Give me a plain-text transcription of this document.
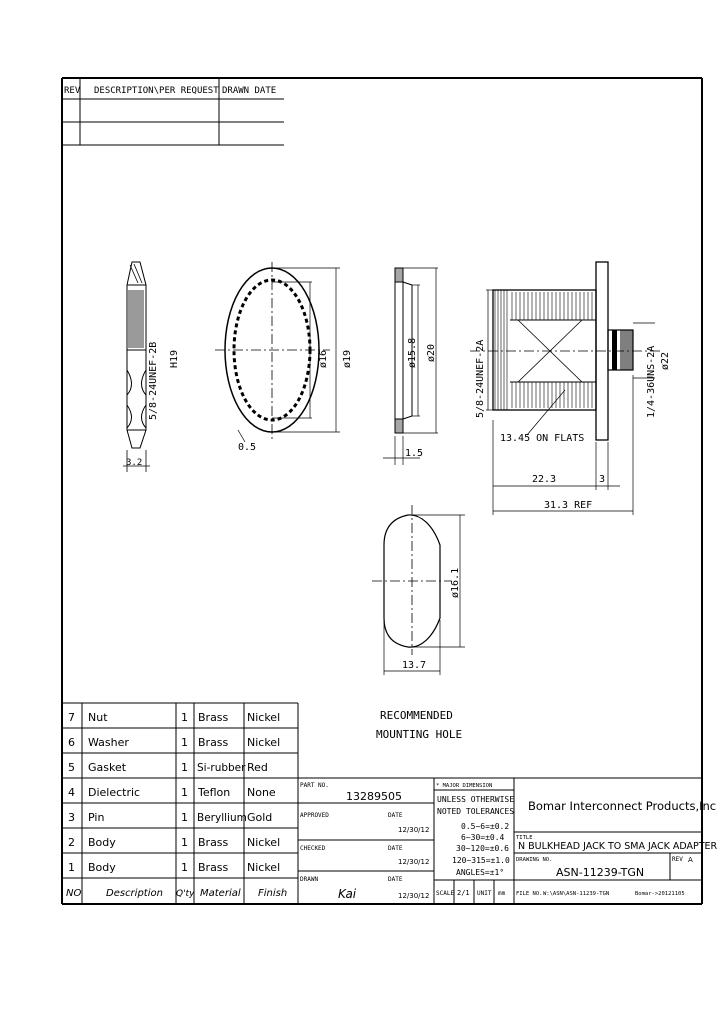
REV DESCRIPTION\PER REQUEST DRAWN DATE
3.2
5/8-24UNEF-2B H19	ø16 ø19
0.5
ø15.8 ø20
1.5
5/8-24UNEF-2A	1/4-36UNS-2A ø22
13.45 ON FLATS
22.3	3
31.3 REF
ø16.1
13.7
RECOMMENDED
MOUNTING HOLE
7 Nut	1 Brass Nickel
6 Washer	1 Brass Nickel
5 Gasket	1 Si-rubber Red
4 Dielectric	1 Teflon None
3 Pin	1 Beryllium Gold
2 Body	1 Brass Nickel
1 Body	1 Brass Nickel
NO Description Q'ty Material Finish
PART NO.
13289505
APPROVED	DATE
12/30/12
CHECKED	DATE
12/30/12
DRAWN	DATE
Kai	12/30/12
* MAJOR DIMENSION
UNLESS OTHERWISE
NOTED TOLERANCES
0.5~6=±0.2
6~30=±0.4
30~120=±0.6
120~315=±1.0
ANGLES=±1°
Bomar Interconnect Products,Inc
TITLE
N BULKHEAD JACK TO SMA JACK ADAPTER
DRAWING NO.
ASN-11239-TGN
REV A
SCALE 2/1 UNIT mm FILE NO. W:\ASN\ASN-11239-TGN	Bomar->20121105
